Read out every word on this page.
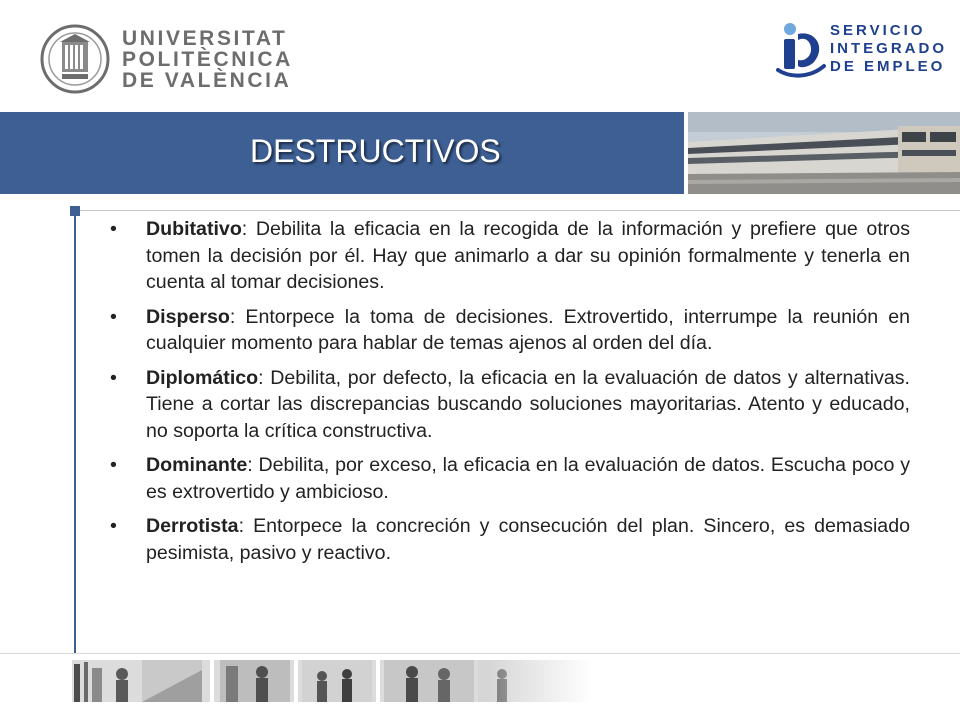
UNIVERSITAT
POLITÈCNICA
DE VALÈNCIA
SERVICIO
INTEGRADO
DE EMPLEO
DESTRUCTIVOS
• Dubitativo: Debilita la eficacia en la recogida de la información y prefiere que otros tomen la decisión por él. Hay que animarlo a dar su opinión formalmente y tenerla en cuenta al tomar decisiones.
• Disperso: Entorpece la toma de decisiones. Extrovertido, interrumpe la reunión en cualquier momento para hablar de temas ajenos al orden del día.
• Diplomático: Debilita, por defecto, la eficacia en la evaluación de datos y alternativas. Tiene a cortar las discrepancias buscando soluciones mayoritarias. Atento y educado, no soporta la crítica constructiva.
• Dominante: Debilita, por exceso, la eficacia en la evaluación de datos. Escucha poco y es extrovertido y ambicioso.
• Derrotista: Entorpece la concreción y consecución del plan. Sincero, es demasiado pesimista, pasivo y reactivo.
